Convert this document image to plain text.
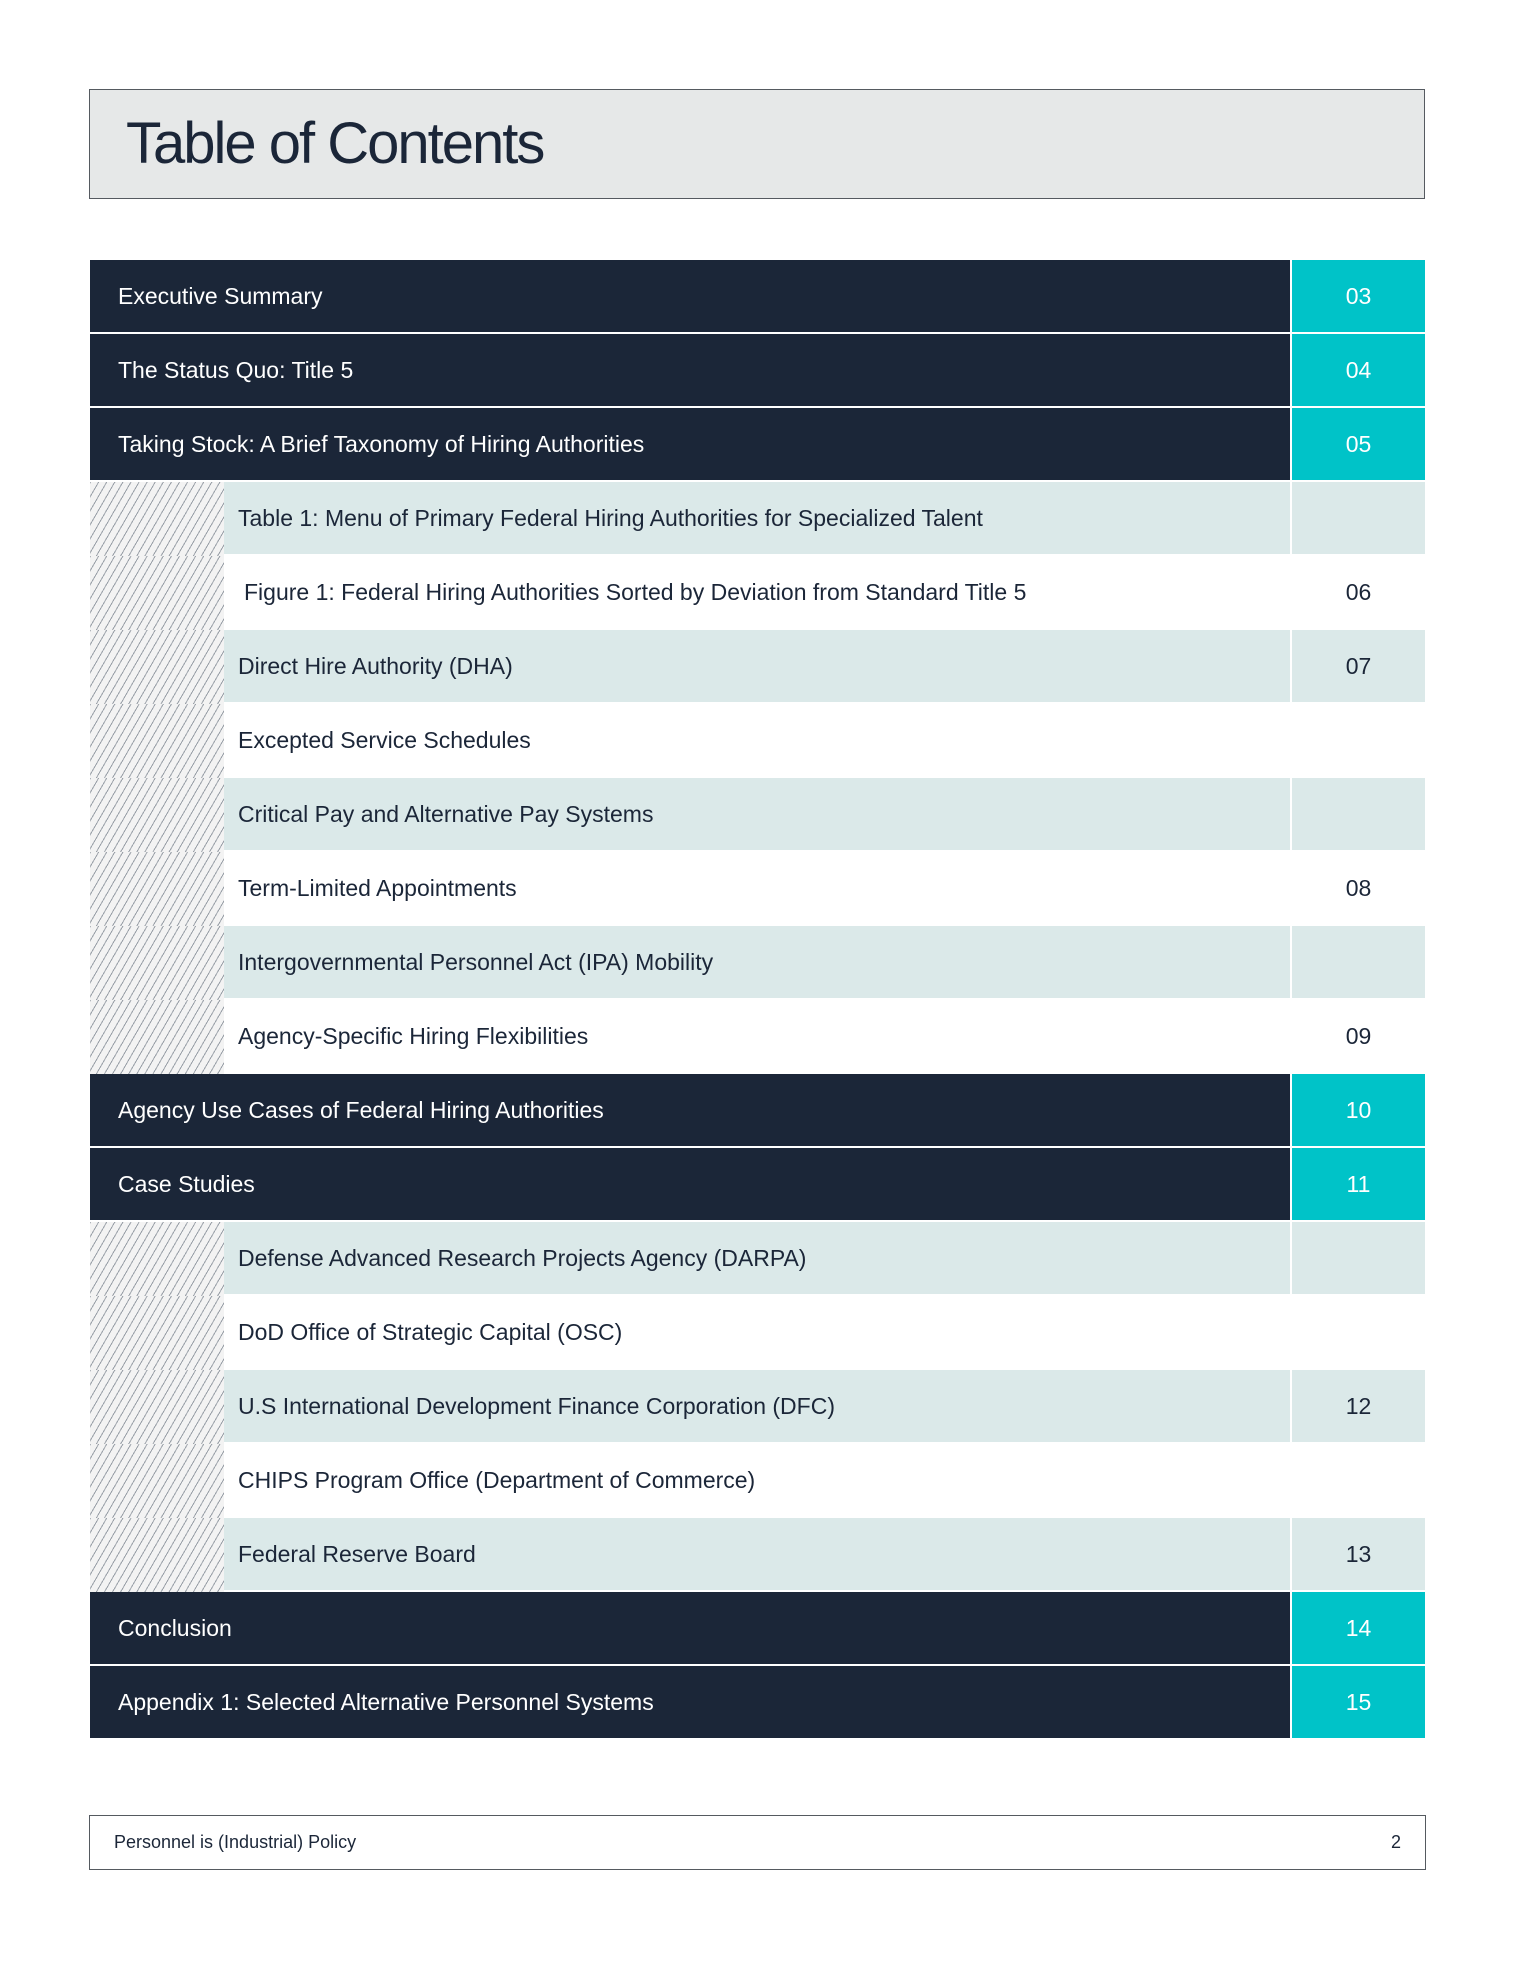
Table of Contents
Executive Summary	03
The Status Quo: Title 5	04
Taking Stock: A Brief Taxonomy of Hiring Authorities	05
Table 1: Menu of Primary Federal Hiring Authorities for Specialized Talent
Figure 1: Federal Hiring Authorities Sorted by Deviation from Standard Title 5	06
Direct Hire Authority (DHA)	07
Excepted Service Schedules
Critical Pay and Alternative Pay Systems
Term-Limited Appointments	08
Intergovernmental Personnel Act (IPA) Mobility
Agency-Specific Hiring Flexibilities	09
Agency Use Cases of Federal Hiring Authorities	10
Case Studies	11
Defense Advanced Research Projects Agency (DARPA)
DoD Office of Strategic Capital (OSC)
U.S International Development Finance Corporation (DFC)	12
CHIPS Program Office (Department of Commerce)
Federal Reserve Board	13
Conclusion	14
Appendix 1: Selected Alternative Personnel Systems	15
Personnel is (Industrial) Policy	2
